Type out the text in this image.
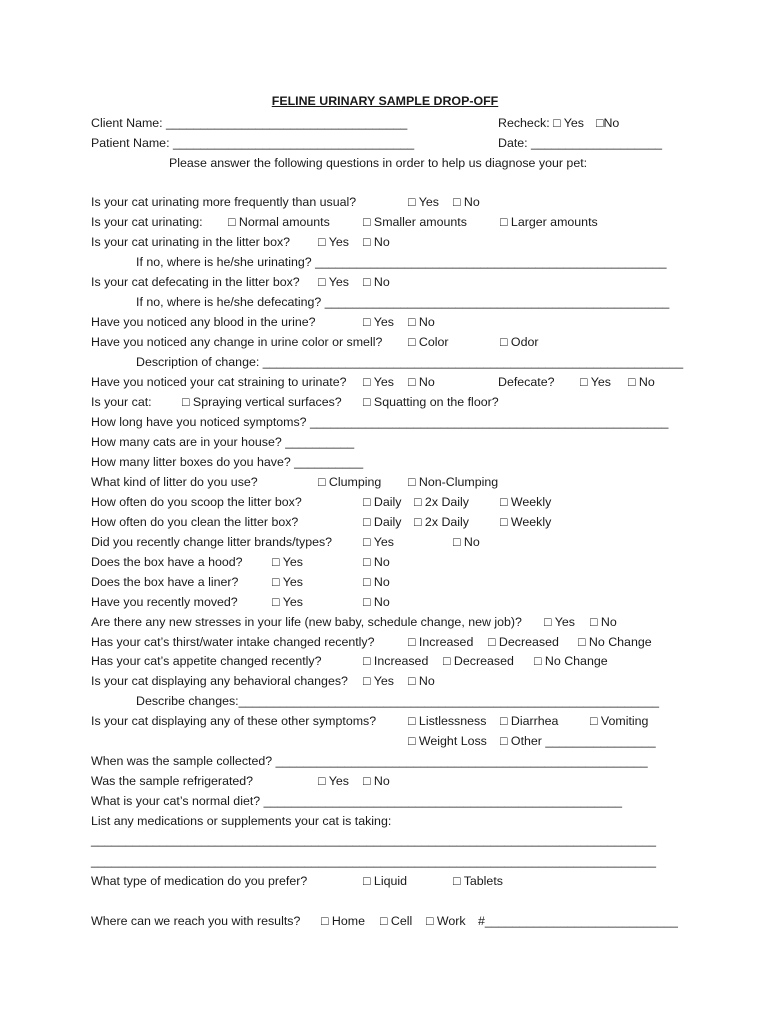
FELINE URINARY SAMPLE DROP-OFF
Client Name: ___________________________________	Recheck: □ Yes □No
Patient Name: ___________________________________	Date: ___________________
Please answer the following questions in order to help us diagnose your pet:
Is your cat urinating more frequently than usual?	□ Yes □ No
Is your cat urinating: □ Normal amounts	□ Smaller amounts	□ Larger amounts
Is your cat urinating in the litter box? □ Yes □ No
If no, where is he/she urinating? ___________________________________________________
Is your cat defecating in the litter box? □ Yes □ No
If no, where is he/she defecating? __________________________________________________
Have you noticed any blood in the urine?	□ Yes □ No
Have you noticed any change in urine color or smell? □ Color	□ Odor
Description of change: _____________________________________________________________
Have you noticed your cat straining to urinate? □ Yes □ No	Defecate? □ Yes □ No
Is your cat: □ Spraying vertical surfaces? □ Squatting on the floor?
How long have you noticed symptoms? ____________________________________________________
How many cats are in your house? __________
How many litter boxes do you have? __________
What kind of litter do you use?	□ Clumping □ Non-Clumping
How often do you scoop the litter box?	□ Daily □ 2x Daily	□ Weekly
How often do you clean the litter box?	□ Daily □ 2x Daily	□ Weekly
Did you recently change litter brands/types? □ Yes	□ No
Does the box have a hood? □ Yes	□ No
Does the box have a liner?	□ Yes	□ No
Have you recently moved?	□ Yes	□ No
Are there any new stresses in your life (new baby, schedule change, new job)? □ Yes □ No
Has your cat’s thirst/water intake changed recently?	□ Increased □ Decreased □ No Change
Has your cat’s appetite changed recently?	□ Increased □ Decreased □ No Change
Is your cat displaying any behavioral changes? □ Yes □ No
Describe changes:_____________________________________________________________
Is your cat displaying any of these other symptoms?	□ Listlessness □ Diarrhea	□ Vomiting
□ Weight Loss □ Other ________________
When was the sample collected? ______________________________________________________
Was the sample refrigerated?	□ Yes □ No
What is your cat’s normal diet? ____________________________________________________
List any medications or supplements your cat is taking:
__________________________________________________________________________________
__________________________________________________________________________________
What type of medication do you prefer?	□ Liquid	□ Tablets
Where can we reach you with results? □ Home □ Cell □ Work #____________________________
